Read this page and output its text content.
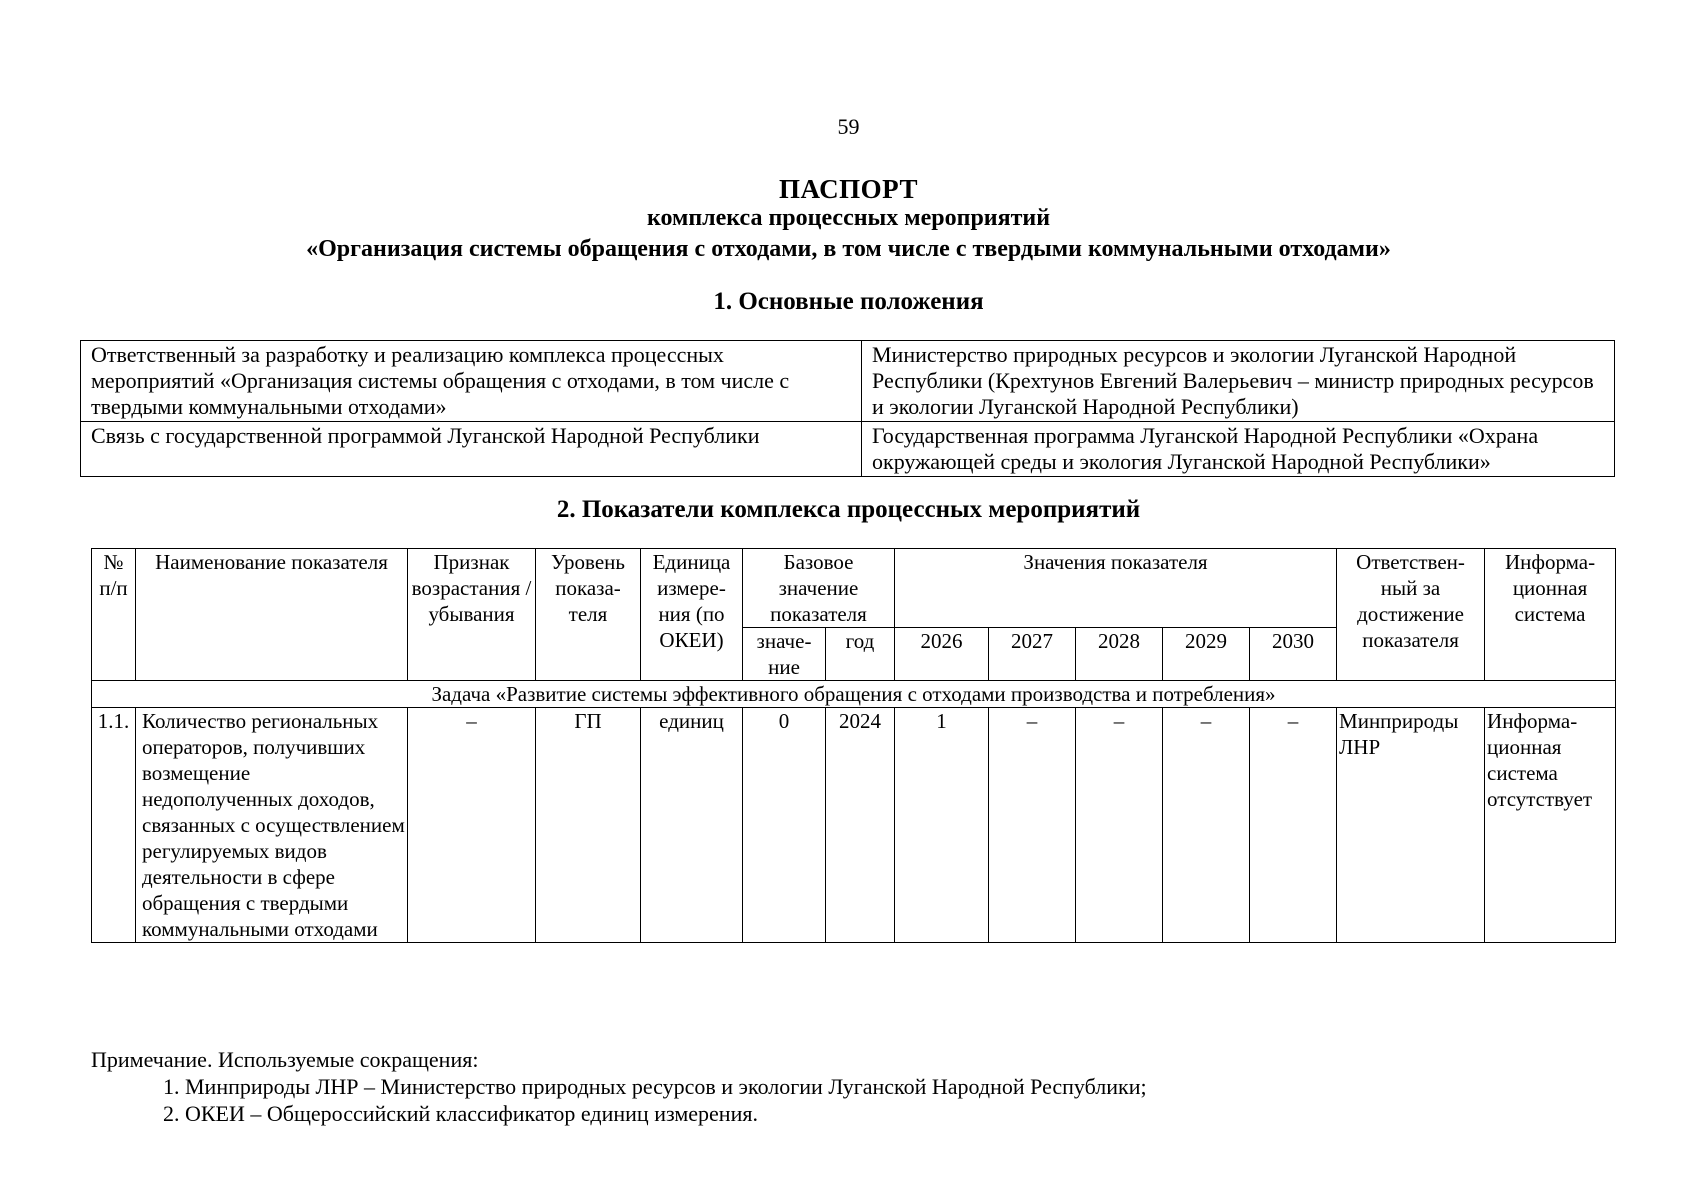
59
ПАСПОРТ
комплекса процессных мероприятий
«Организация системы обращения с отходами, в том числе с твердыми коммунальными отходами»
1. Основные положения
Ответственный за разработку и реализацию комплекса процессных мероприятий «Организация системы обращения с отходами, в том числе с твердыми коммунальными отходами»	Министерство природных ресурсов и экологии Луганской Народной Республики (Крехтунов Евгений Валерьевич – министр природных ресурсов и экологии Луганской Народной Республики)
Связь с государственной программой Луганской Народной Республики	Государственная программа Луганской Народной Республики «Охрана окружающей среды и экология Луганской Народной Республики»
2. Показатели комплекса процессных мероприятий
№ п/п	Наименование показателя	Признак возрастания / убывания	Уровень показа-теля	Единица измере-ния (по ОКЕИ)	Базовое значение показателя		Значения показателя					Ответствен-ный за достижение показателя	Информа-ционная система
					значе-ние	год	2026	2027	2028	2029	2030		
Задача «Развитие системы эффективного обращения с отходами производства и потребления»													
1.1.	Количество региональных операторов, получивших возмещение недополученных доходов, связанных с осуществлением регулируемых видов деятельности в сфере обращения с твердыми коммунальными отходами	–	ГП	единиц	0	2024	1	–	–	–	–	Минприроды ЛНР	Информа-ционная система отсутствует
Примечание. Используемые сокращения:
1. Минприроды ЛНР – Министерство природных ресурсов и экологии Луганской Народной Республики;
2. ОКЕИ – Общероссийский классификатор единиц измерения.
